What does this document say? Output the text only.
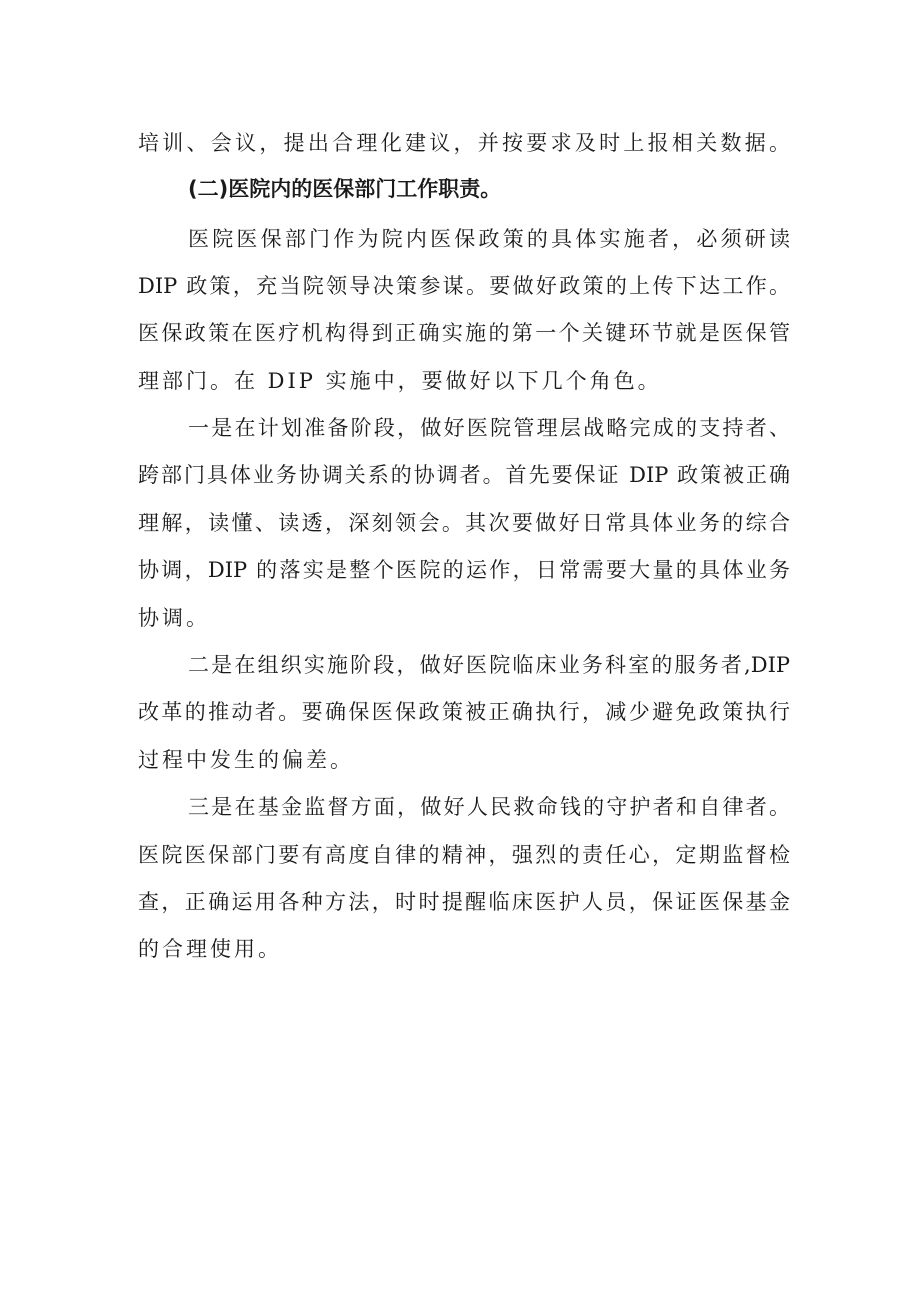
培训、会议，提出合理化建议，并按要求及时上报相关数据。
(二)医院内的医保部门工作职责。
医院医保部门作为院内医保政策的具体实施者，必须研读
DIP 政策，充当院领导决策参谋。要做好政策的上传下达工作。
医保政策在医疗机构得到正确实施的第一个关键环节就是医保管
理部门。在 DIP 实施中，要做好以下几个角色。
一是在计划准备阶段，做好医院管理层战略完成的支持者、
跨部门具体业务协调关系的协调者。首先要保证 DIP 政策被正确
理解，读懂、读透，深刻领会。其次要做好日常具体业务的综合
协调，DIP 的落实是整个医院的运作，日常需要大量的具体业务
协调。
二是在组织实施阶段，做好医院临床业务科室的服务者,DIP
改革的推动者。要确保医保政策被正确执行，减少避免政策执行
过程中发生的偏差。
三是在基金监督方面，做好人民救命钱的守护者和自律者。
医院医保部门要有高度自律的精神，强烈的责任心，定期监督检
查，正确运用各种方法，时时提醒临床医护人员，保证医保基金
的合理使用。
